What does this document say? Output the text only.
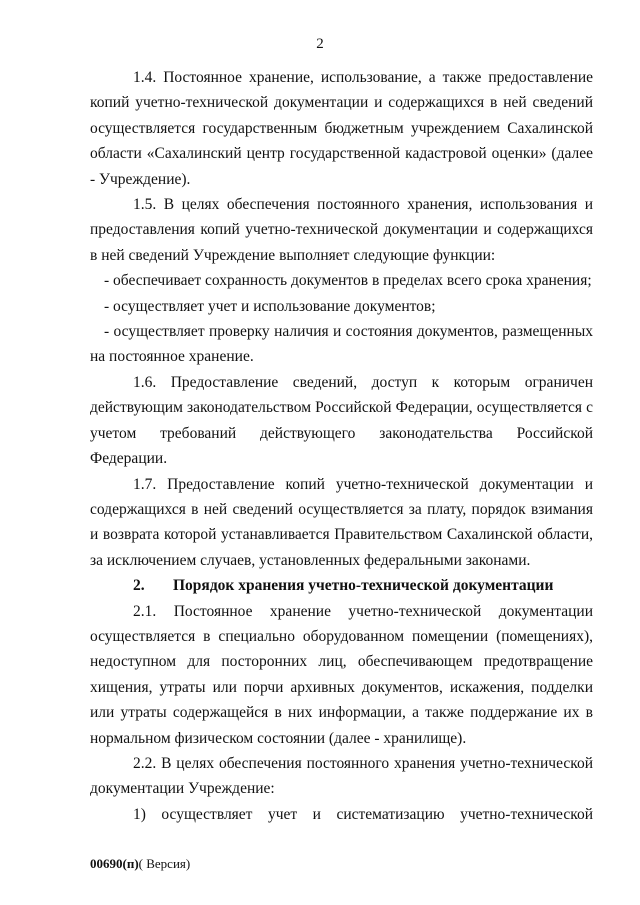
2

1.4. Постоянное хранение, использование, а также предоставление копий учетно-технической документации и содержащихся в ней сведений осуществляется государственным бюджетным учреждением Сахалинской области «Сахалинский центр государственной кадастровой оценки» (далее - Учреждение).

1.5. В целях обеспечения постоянного хранения, использования и предоставления копий учетно-технической документации и содержащихся в ней сведений Учреждение выполняет следующие функции:

- обеспечивает сохранность документов в пределах всего срока хранения;

- осуществляет учет и использование документов;

- осуществляет проверку наличия и состояния документов, размещенных на постоянное хранение.

1.6. Предоставление сведений, доступ к которым ограничен действующим законодательством Российской Федерации, осуществляется с учетом требований действующего законодательства Российской Федерации.

1.7. Предоставление копий учетно-технической документации и содержащихся в ней сведений осуществляется за плату, порядок взимания и возврата которой устанавливается Правительством Сахалинской области, за исключением случаев, установленных федеральными законами.

2. Порядок хранения учетно-технической документации

2.1. Постоянное хранение учетно-технической документации осуществляется в специально оборудованном помещении (помещениях), недоступном для посторонних лиц, обеспечивающем предотвращение хищения, утраты или порчи архивных документов, искажения, подделки или утраты содержащейся в них информации, а также поддержание их в нормальном физическом состоянии (далее - хранилище).

2.2. В целях обеспечения постоянного хранения учетно-технической документации Учреждение:

1) осуществляет учет и систематизацию учетно-технической

00690(п)( Версия)
